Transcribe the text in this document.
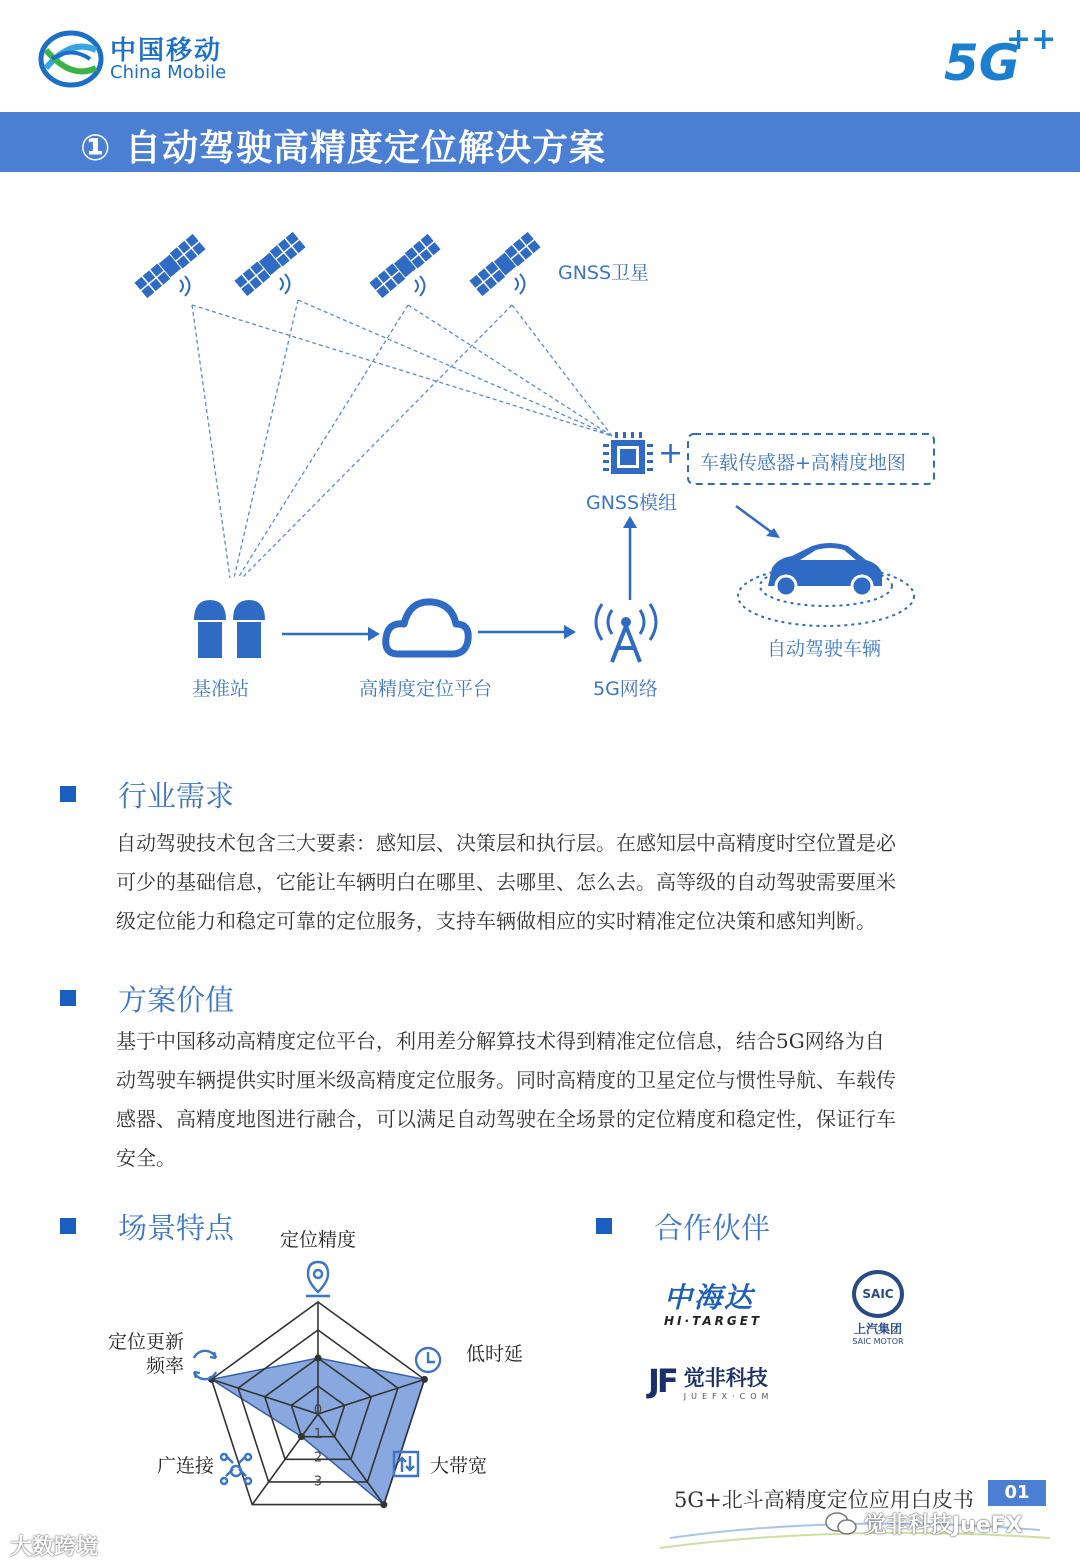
中国移动
China Mobile	5G
++
① 自动驾驶高精度定位解决方案
GNSS卫星
GNSS模组
+ 车载传感器+高精度地图
自动驾驶车辆
基准站	高精度定位平台	5G网络
行业需求
自动驾驶技术包含三大要素：感知层、决策层和执行层。在感知层中高精度时空位置是必
可少的基础信息，它能让车辆明白在哪里、去哪里、怎么去。高等级的自动驾驶需要厘米
级定位能力和稳定可靠的定位服务，支持车辆做相应的实时精准定位决策和感知判断。
方案价值
基于中国移动高精度定位平台，利用差分解算技术得到精准定位信息，结合5G网络为自
动驾驶车辆提供实时厘米级高精度定位服务。同时高精度的卫星定位与惯性导航、车载传
感器、高精度地图进行融合，可以满足自动驾驶在全场景的定位精度和稳定性，保证行车
安全。
场景特点
0
1
2
3
定位精度
低时延
大带宽
广连接
定位更新
频率
合作伙伴
中海达
HI·TARGET
SAIC
上汽集团
SAIC MOTOR
JF 觉非科技
JUEFX·COM
5G+北斗高精度定位应用白皮书	01
大数跨境
觉非科技JueFX
